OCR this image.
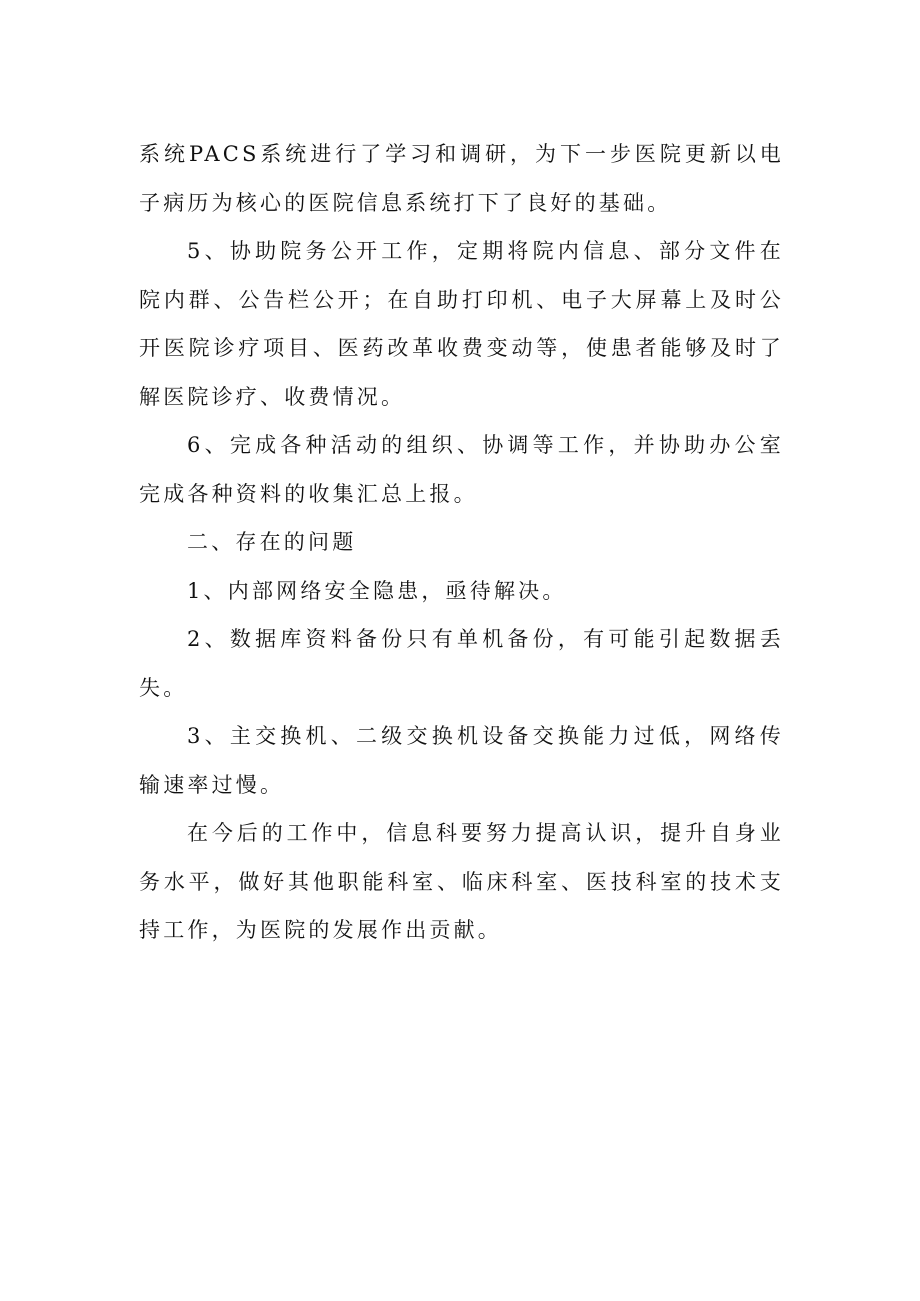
系统PACS系统进行了学习和调研，为下一步医院更新以电子病历为核心的医院信息系统打下了良好的基础。

5、协助院务公开工作，定期将院内信息、部分文件在院内群、公告栏公开；在自助打印机、电子大屏幕上及时公开医院诊疗项目、医药改革收费变动等，使患者能够及时了解医院诊疗、收费情况。

6、完成各种活动的组织、协调等工作，并协助办公室完成各种资料的收集汇总上报。

二、存在的问题

1、内部网络安全隐患，亟待解决。

2、数据库资料备份只有单机备份，有可能引起数据丢失。

3、主交换机、二级交换机设备交换能力过低，网络传输速率过慢。

在今后的工作中，信息科要努力提高认识，提升自身业务水平，做好其他职能科室、临床科室、医技科室的技术支持工作，为医院的发展作出贡献。
